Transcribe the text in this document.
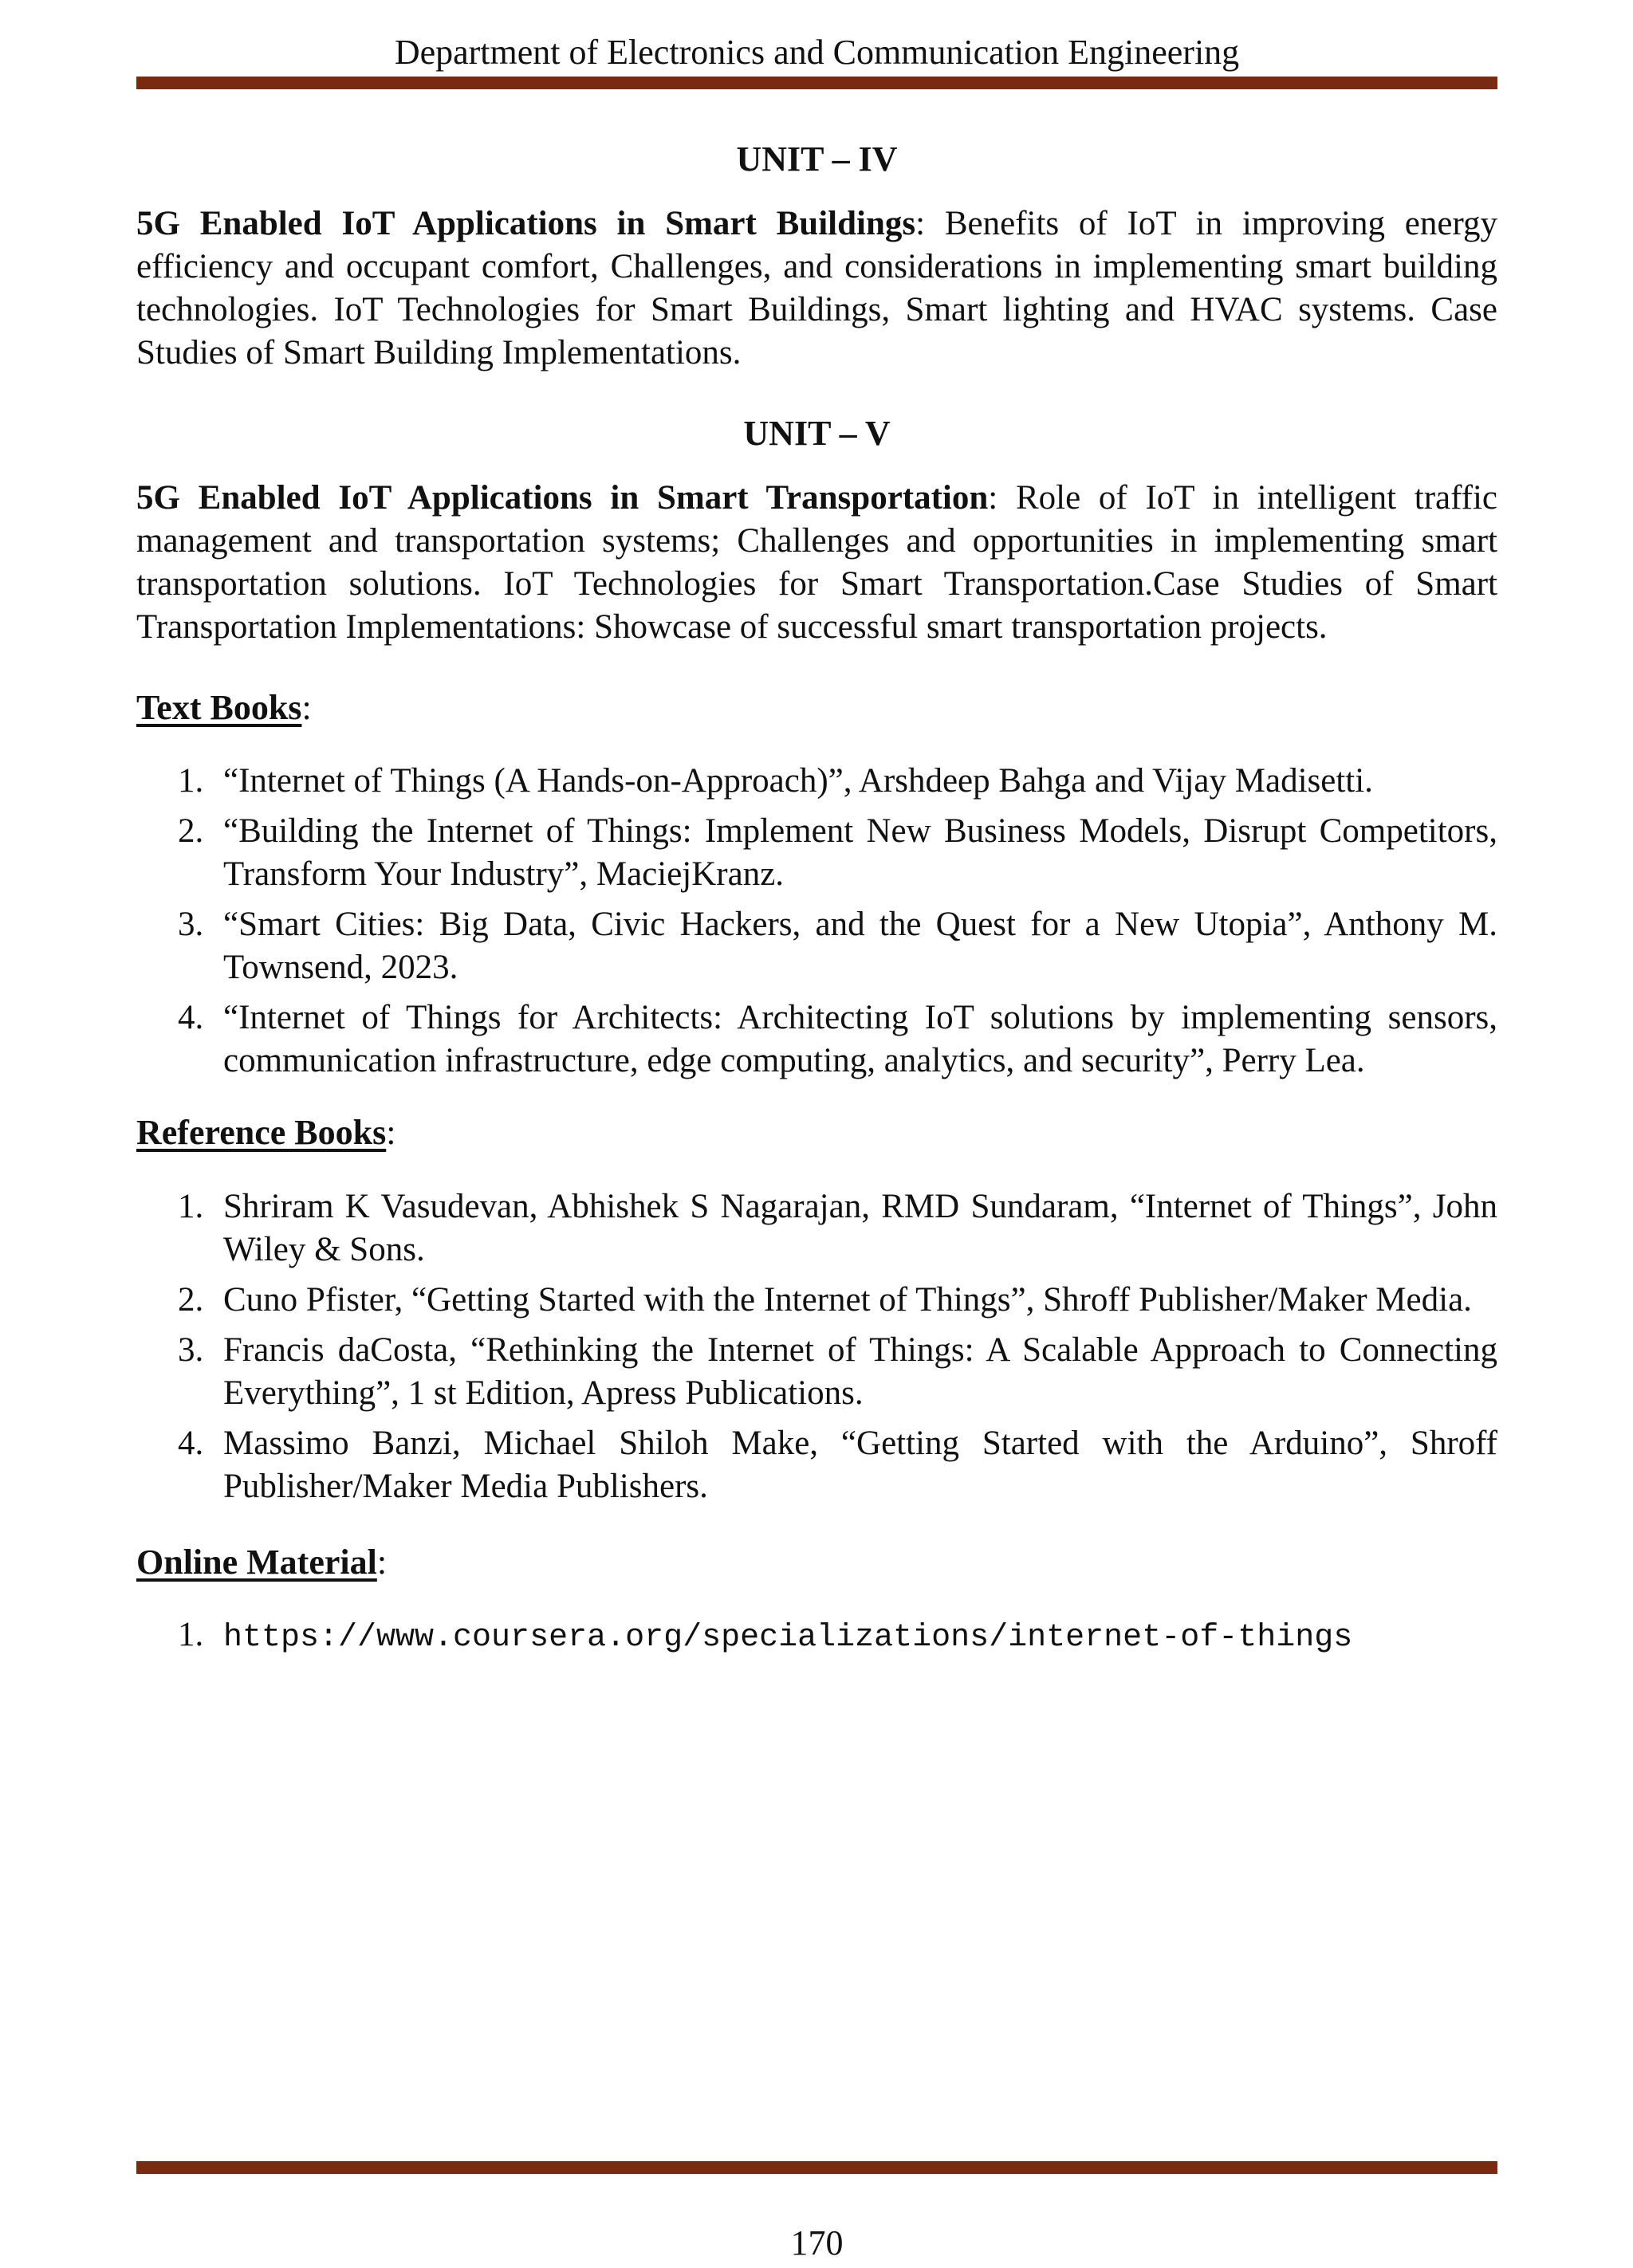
Department of Electronics and Communication Engineering
UNIT – IV
5G Enabled IoT Applications in Smart Buildings: Benefits of IoT in improving energy efficiency and occupant comfort, Challenges, and considerations in implementing smart building technologies. IoT Technologies for Smart Buildings, Smart lighting and HVAC systems. Case Studies of Smart Building Implementations.
UNIT – V
5G Enabled IoT Applications in Smart Transportation: Role of IoT in intelligent traffic management and transportation systems; Challenges and opportunities in implementing smart transportation solutions. IoT Technologies for Smart Transportation.Case Studies of Smart Transportation Implementations: Showcase of successful smart transportation projects.
Text Books:
1. “Internet of Things (A Hands-on-Approach)”, Arshdeep Bahga and Vijay Madisetti.
2. “Building the Internet of Things: Implement New Business Models, Disrupt Competitors, Transform Your Industry”, MaciejKranz.
3. “Smart Cities: Big Data, Civic Hackers, and the Quest for a New Utopia”, Anthony M. Townsend, 2023.
4. “Internet of Things for Architects: Architecting IoT solutions by implementing sensors, communication infrastructure, edge computing, analytics, and security”, Perry Lea.
Reference Books:
1. Shriram K Vasudevan, Abhishek S Nagarajan, RMD Sundaram, “Internet of Things”, John Wiley & Sons.
2. Cuno Pfister, “Getting Started with the Internet of Things”, Shroff Publisher/Maker Media.
3. Francis daCosta, “Rethinking the Internet of Things: A Scalable Approach to Connecting Everything”, 1 st Edition, Apress Publications.
4. Massimo Banzi, Michael Shiloh Make, “Getting Started with the Arduino”, Shroff Publisher/Maker Media Publishers.
Online Material:
1. https://www.coursera.org/specializations/internet-of-things
170
